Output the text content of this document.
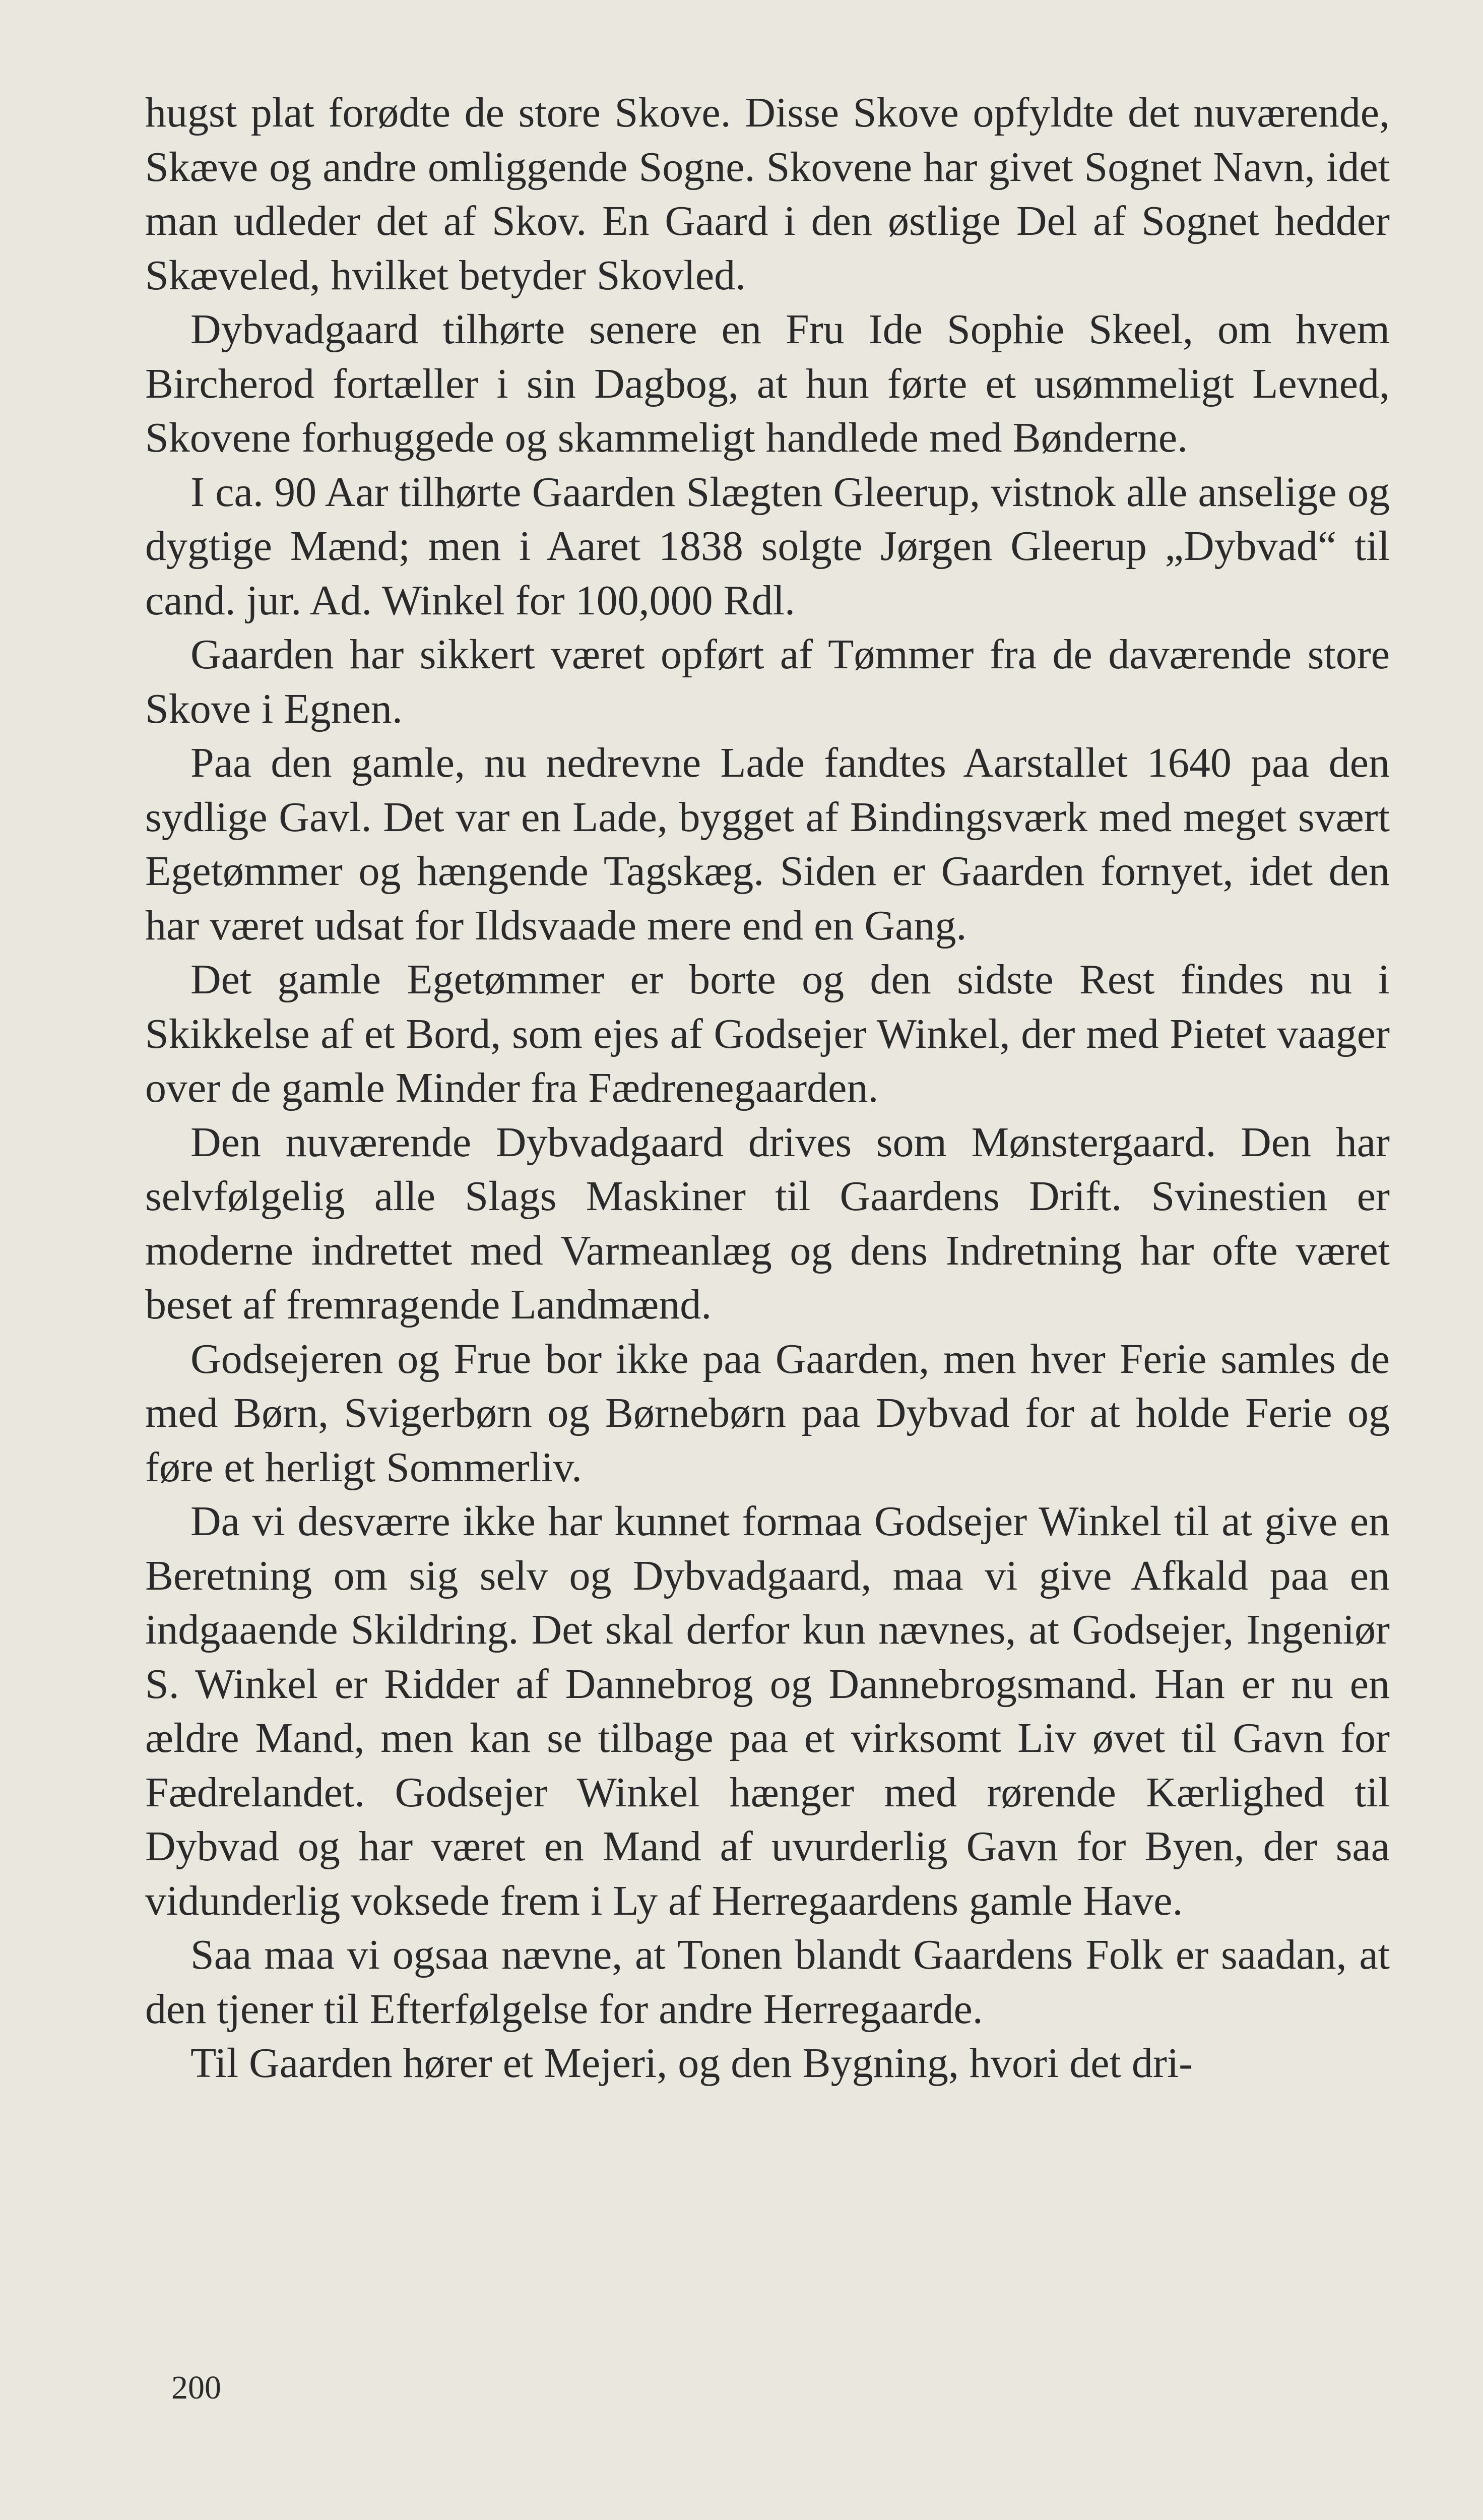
hugst plat forødte de store Skove. Disse Skove opfyldte det nuværende, Skæve og andre omliggende Sogne. Skovene har givet Sognet Navn, idet man udleder det af Skov. En Gaard i den østlige Del af Sognet hedder Skæveled, hvilket betyder Skovled.

Dybvadgaard tilhørte senere en Fru Ide Sophie Skeel, om hvem Bircherod fortæller i sin Dagbog, at hun førte et usømmeligt Levned, Skovene forhuggede og skammeligt handlede med Bønderne.

I ca. 90 Aar tilhørte Gaarden Slægten Gleerup, vistnok alle anselige og dygtige Mænd; men i Aaret 1838 solgte Jørgen Gleerup „Dybvad“ til cand. jur. Ad. Winkel for 100,000 Rdl.

Gaarden har sikkert været opført af Tømmer fra de daværende store Skove i Egnen.

Paa den gamle, nu nedrevne Lade fandtes Aarstallet 1640 paa den sydlige Gavl. Det var en Lade, bygget af Bindingsværk med meget svært Egetømmer og hængende Tagskæg. Siden er Gaarden fornyet, idet den har været udsat for Ildsvaade mere end en Gang.

Det gamle Egetømmer er borte og den sidste Rest findes nu i Skikkelse af et Bord, som ejes af Godsejer Winkel, der med Pietet vaager over de gamle Minder fra Fædrenegaarden.

Den nuværende Dybvadgaard drives som Mønstergaard. Den har selvfølgelig alle Slags Maskiner til Gaardens Drift. Svinestien er moderne indrettet med Varmeanlæg og dens Indretning har ofte været beset af fremragende Landmænd.

Godsejeren og Frue bor ikke paa Gaarden, men hver Ferie samles de med Børn, Svigerbørn og Børnebørn paa Dybvad for at holde Ferie og føre et herligt Sommerliv.

Da vi desværre ikke har kunnet formaa Godsejer Winkel til at give en Beretning om sig selv og Dybvadgaard, maa vi give Afkald paa en indgaaende Skildring. Det skal derfor kun nævnes, at Godsejer, Ingeniør S. Winkel er Ridder af Dannebrog og Dannebrogsmand. Han er nu en ældre Mand, men kan se tilbage paa et virksomt Liv øvet til Gavn for Fædrelandet. Godsejer Winkel hænger med rørende Kærlighed til Dybvad og har været en Mand af uvurderlig Gavn for Byen, der saa vidunderlig voksede frem i Ly af Herregaardens gamle Have.

Saa maa vi ogsaa nævne, at Tonen blandt Gaardens Folk er saadan, at den tjener til Efterfølgelse for andre Herregaarde.

Til Gaarden hører et Mejeri, og den Bygning, hvori det dri-

200
